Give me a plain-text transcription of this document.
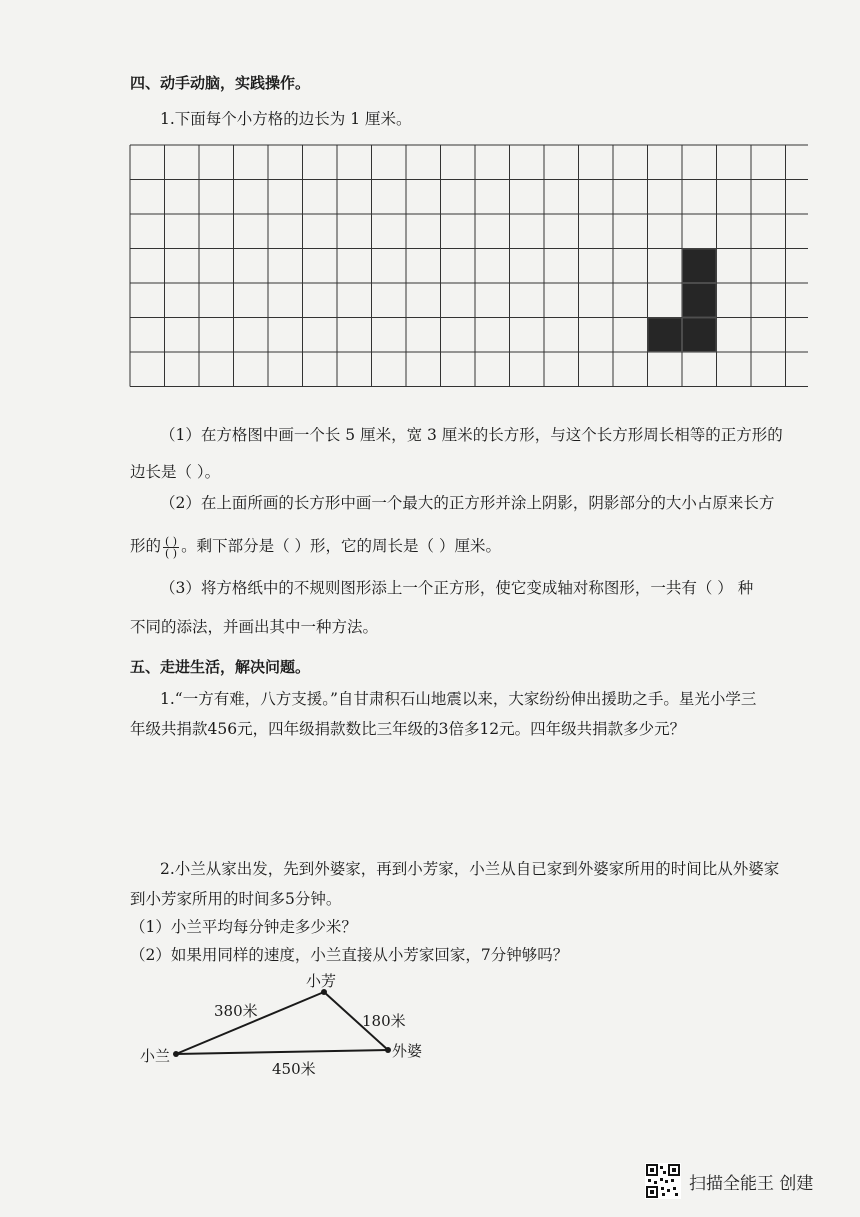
四、动手动脑，实践操作。
1.下面每个小方格的边长为 1 厘米。
（1）在方格图中画一个长 5 厘米，宽 3 厘米的长方形，与这个长方形周长相等的正方形的
边长是（ ）。
（2）在上面所画的长方形中画一个最大的正方形并涂上阴影，阴影部分的大小占原来长方
形的 $\frac{( )}{( )}$ 。剩下部分是（ ）形，它的周长是（ ）厘米。
（3）将方格纸中的不规则图形添上一个正方形，使它变成轴对称图形，一共有（ ） 种
不同的添法，并画出其中一种方法。
五、走进生活，解决问题。
1.“一方有难，八方支援。”自甘肃积石山地震以来，大家纷纷伸出援助之手。星光小学三
年级共捐款456元，四年级捐款数比三年级的3倍多12元。四年级共捐款多少元？
2.小兰从家出发，先到外婆家，再到小芳家，小兰从自已家到外婆家所用的时间比从外婆家
到小芳家所用的时间多5分钟。
（1）小兰平均每分钟走多少米？
（2）如果用同样的速度，小兰直接从小芳家回家，7分钟够吗？
小芳
小兰	外婆
380米
180米
450米
扫描全能王 创建
